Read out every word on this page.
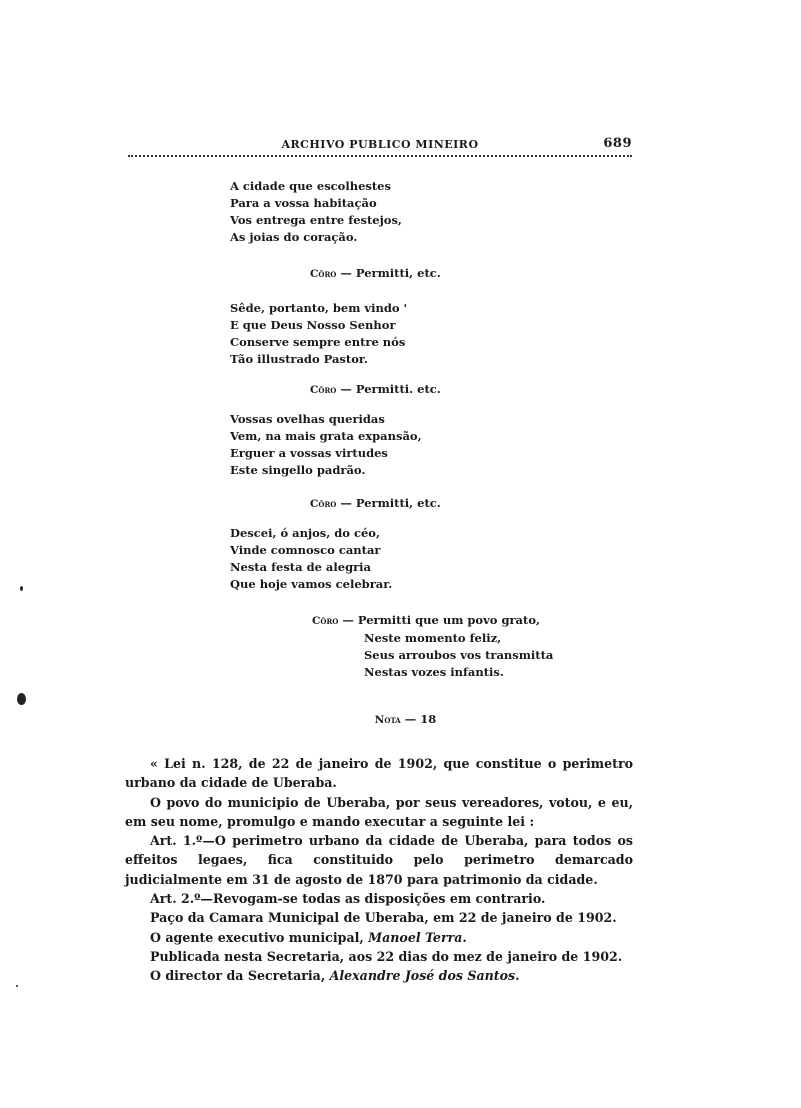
ARCHIVO PUBLICO MINEIRO	689
A cidade que escolhestes
Para a vossa habitação
Vos entrega entre festejos,
As joias do coração.
Côro — Permitti, etc.
Sêde, portanto, bem vindo '
E que Deus Nosso Senhor
Conserve sempre entre nós
Tão illustrado Pastor.
Côro — Permitti. etc.
Vossas ovelhas queridas
Vem, na mais grata expansão,
Erguer a vossas virtudes
Este singello padrão.
Côro — Permitti, etc.
Descei, ó anjos, do céo,
Vinde comnosco cantar
Nesta festa de alegria
Que hoje vamos celebrar.
Côro — Permitti que um povo grato,
Neste momento feliz,
Seus arroubos vos transmitta
Nestas vozes infantis.
Nota — 18

« Lei n. 128, de 22 de janeiro de 1902, que constitue o perimetro urbano da cidade de Uberaba.

O povo do municipio de Uberaba, por seus vereadores, votou, e eu, em seu nome, promulgo e mando executar a seguinte lei :

Art. 1.º—O perimetro urbano da cidade de Uberaba, para todos os effeitos legaes, fica constituido pelo perimetro demarcado judicialmente em 31 de agosto de 1870 para patrimonio da cidade.

Art. 2.º—Revogam-se todas as disposições em contrario.

Paço da Camara Municipal de Uberaba, em 22 de janeiro de 1902.

O agente executivo municipal, Manoel Terra.

Publicada nesta Secretaria, aos 22 dias do mez de janeiro de 1902.

O director da Secretaria, Alexandre José dos Santos.
